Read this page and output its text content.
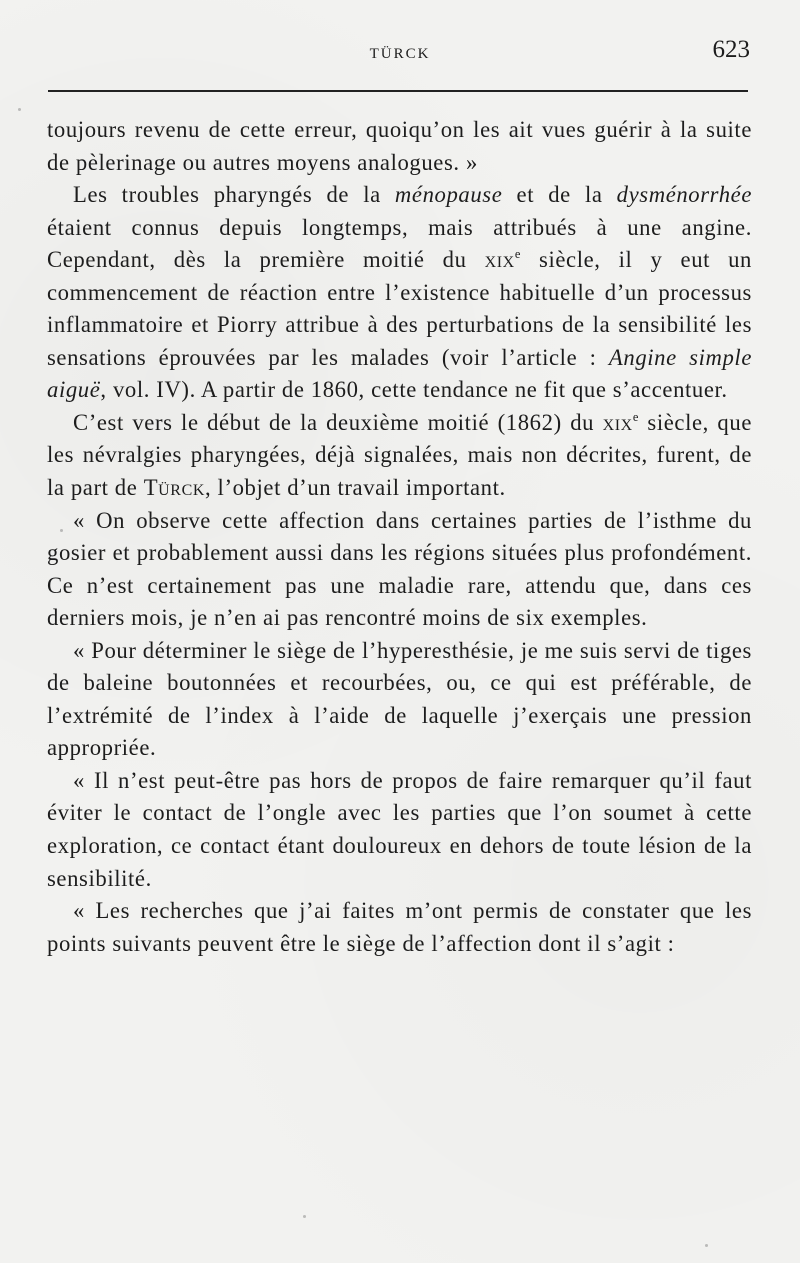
TÜRCK	623

toujours revenu de cette erreur, quoiqu’on les ait vues guérir à la suite de pèlerinage ou autres moyens analogues. »

Les troubles pharyngés de la ménopause et de la dysménorrhée étaient connus depuis longtemps, mais attribués à une angine. Cependant, dès la première moitié du xix$^e$ siècle, il y eut un commencement de réaction entre l’existence habituelle d’un processus inflammatoire et Piorry attribue à des perturbations de la sensibilité les sensations éprouvées par les malades (voir l’article : Angine simple aiguë, vol. IV). A partir de 1860, cette tendance ne fit que s’accentuer.

C’est vers le début de la deuxième moitié (1862) du xix$^e$ siècle, que les névralgies pharyngées, déjà signalées, mais non décrites, furent, de la part de Türck, l’objet d’un travail important.

« On observe cette affection dans certaines parties de l’isthme du gosier et probablement aussi dans les régions situées plus profondément. Ce n’est certainement pas une maladie rare, attendu que, dans ces derniers mois, je n’en ai pas rencontré moins de six exemples.

« Pour déterminer le siège de l’hyperesthésie, je me suis servi de tiges de baleine boutonnées et recourbées, ou, ce qui est préférable, de l’extrémité de l’index à l’aide de laquelle j’exerçais une pression appropriée.

« Il n’est peut-être pas hors de propos de faire remarquer qu’il faut éviter le contact de l’ongle avec les parties que l’on soumet à cette exploration, ce contact étant douloureux en dehors de toute lésion de la sensibilité.

« Les recherches que j’ai faites m’ont permis de constater que les points suivants peuvent être le siège de l’affection dont il s’agit :
